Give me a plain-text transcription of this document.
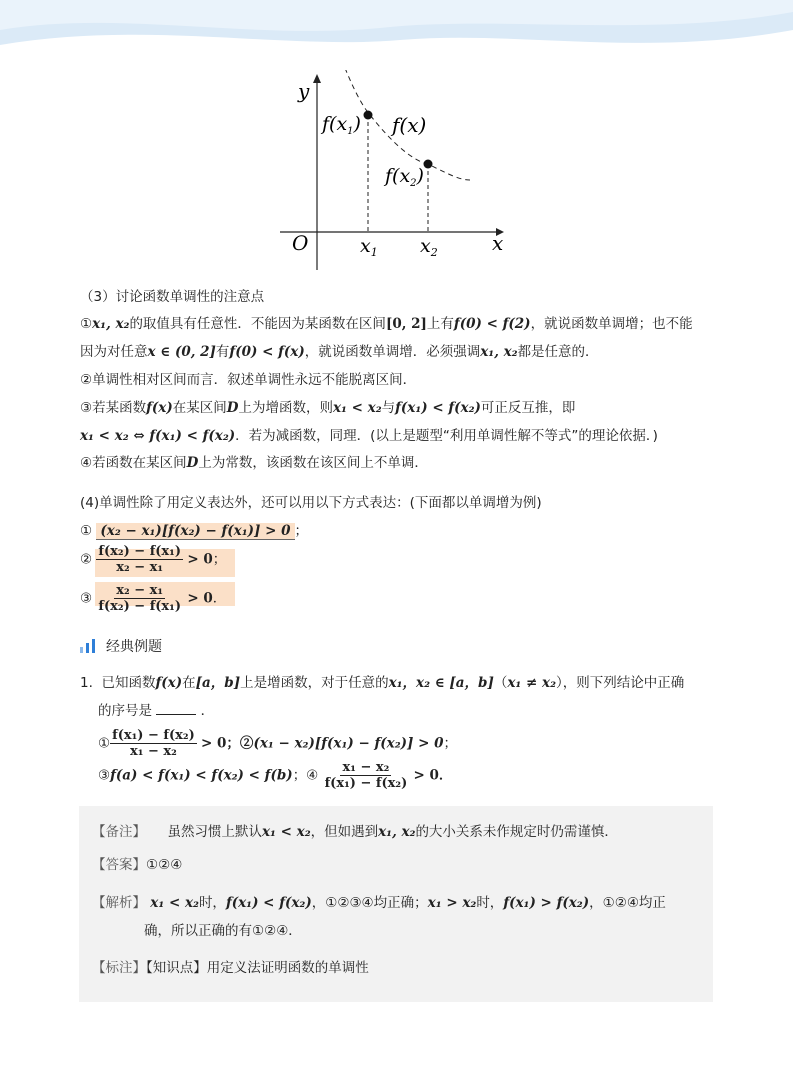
y
x
O
f(x)
$f(x_1)$
$f(x_2)$
$x_1$ $x_2$
（3）讨论函数单调性的注意点
①x₁, x₂的取值具有任意性．不能因为某函数在区间[0, 2]上有f(0) < f(2)，就说函数单调增；也不能
因为对任意x ∈ (0, 2]有f(0) < f(x)，就说函数单调增．必须强调x₁, x₂都是任意的．
②单调性相对区间而言．叙述单调性永远不能脱离区间．
③若某函数f(x)在某区间D上为增函数，则x₁ < x₂与f(x₁) < f(x₂)可正反互推，即
x₁ < x₂ ⇔ f(x₁) < f(x₂)．若为减函数，同理．(以上是题型“利用单调性解不等式”的理论依据．)
④若函数在某区间D上为常数，该函数在该区间上不单调．
(4)单调性除了用定义表达外，还可以用以下方式表达：(下面都以单调增为例)
① (x₂ − x₁)[f(x₂) − f(x₁)] > 0 ；
② $\frac{\text{f(x₂) − f(x₁)}}{\text{x₂ − x₁}} > 0$；
③ $\frac{\text{x₂ − x₁}}{\text{f(x₂) − f(x₁)}} > 0$．
经典例题
1. 已知函数f(x)在[a，b]上是增函数，对于任意的x₁，x₂ ∈ [a，b]（x₁ ≠ x₂），则下列结论中正确
的序号是	．
① $\frac{\text{f(x₁) − f(x₂)}}{\text{x₁ − x₂}} > 0$；②(x₁ − x₂)[f(x₁) − f(x₂)] > 0；
③f(a) < f(x₁) < f(x₂) < f(b)；④ $\frac{\text{x₁ − x₂}}{\text{f(x₁) − f(x₂)}} > 0$．
【备注】 虽然习惯上默认x₁ < x₂，但如遇到x₁, x₂的大小关系未作规定时仍需谨慎．
【答案】①②④
【解析】 x₁ < x₂时，f(x₁) < f(x₂)，①②③④均正确；x₁ > x₂时，f(x₁) > f(x₂)，①②④均正
确，所以正确的有①②④．
【标注】【知识点】用定义法证明函数的单调性
